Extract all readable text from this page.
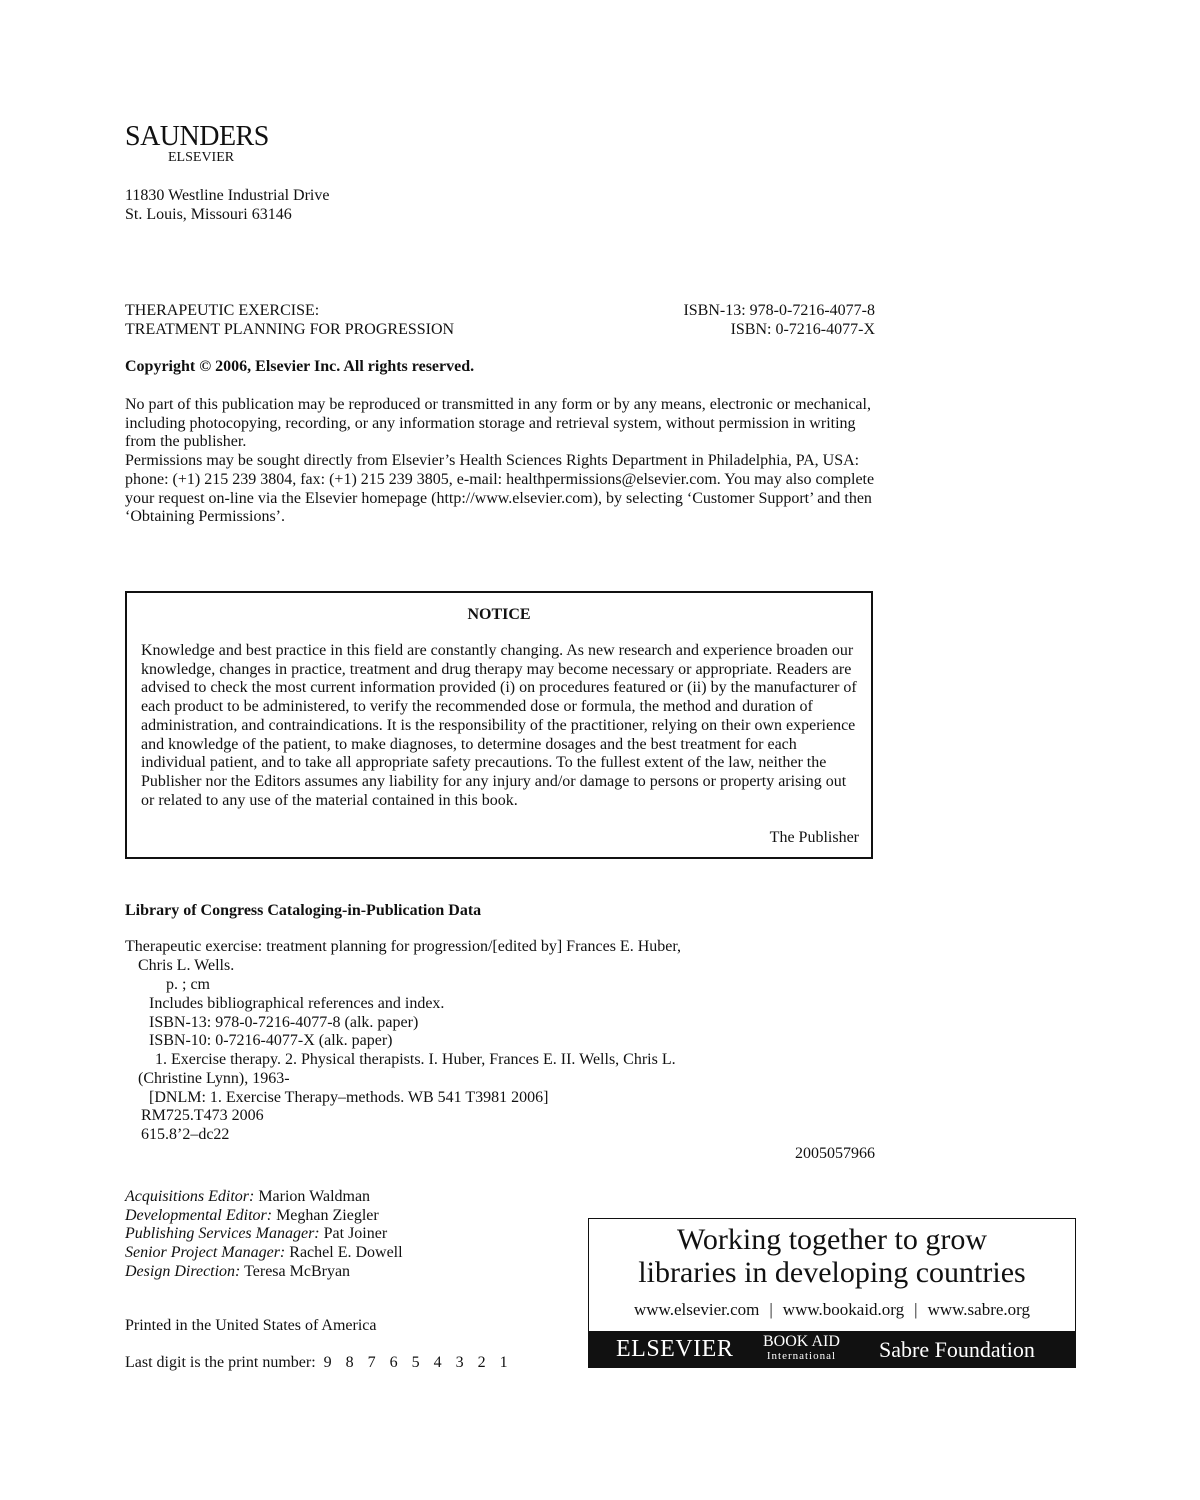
SAUNDERS
ELSEVIER
11830 Westline Industrial Drive
St. Louis, Missouri 63146
THERAPEUTIC EXERCISE:
TREATMENT PLANNING FOR PROGRESSION
ISBN-13: 978-0-7216-4077-8
ISBN: 0-7216-4077-X
Copyright © 2006, Elsevier Inc. All rights reserved.
No part of this publication may be reproduced or transmitted in any form or by any means, electronic or mechanical, including photocopying, recording, or any information storage and retrieval system, without permission in writing from the publisher.
Permissions may be sought directly from Elsevier’s Health Sciences Rights Department in Philadelphia, PA, USA: phone: (+1) 215 239 3804, fax: (+1) 215 239 3805, e-mail: healthpermissions@elsevier.com. You may also complete your request on-line via the Elsevier homepage (http://www.elsevier.com), by selecting ‘Customer Support’ and then ‘Obtaining Permissions’.
NOTICE
Knowledge and best practice in this field are constantly changing. As new research and experience broaden our knowledge, changes in practice, treatment and drug therapy may become necessary or appropriate. Readers are advised to check the most current information provided (i) on procedures featured or (ii) by the manufacturer of each product to be administered, to verify the recommended dose or formula, the method and duration of administration, and contraindications. It is the responsibility of the practitioner, relying on their own experience and knowledge of the patient, to make diagnoses, to determine dosages and the best treatment for each individual patient, and to take all appropriate safety precautions. To the fullest extent of the law, neither the Publisher nor the Editors assumes any liability for any injury and/or damage to persons or property arising out or related to any use of the material contained in this book.
The Publisher
Library of Congress Cataloging-in-Publication Data
Therapeutic exercise: treatment planning for progression/[edited by] Frances E. Huber,
Chris L. Wells.
p. ; cm
Includes bibliographical references and index.
ISBN-13: 978-0-7216-4077-8 (alk. paper)
ISBN-10: 0-7216-4077-X (alk. paper)
1. Exercise therapy. 2. Physical therapists. I. Huber, Frances E. II. Wells, Chris L.
(Christine Lynn), 1963-
[DNLM: 1. Exercise Therapy–methods. WB 541 T3981 2006]
RM725.T473 2006
615.8’2–dc22
2005057966
Acquisitions Editor: Marion Waldman
Developmental Editor: Meghan Ziegler
Publishing Services Manager: Pat Joiner
Senior Project Manager: Rachel E. Dowell
Design Direction: Teresa McBryan
Printed in the United States of America
Last digit is the print number: 9 8 7 6 5 4 3 2 1
Working together to grow
libraries in developing countries
www.elsevier.com | www.bookaid.org | www.sabre.org
ELSEVIER BOOK AID
International Sabre Foundation
